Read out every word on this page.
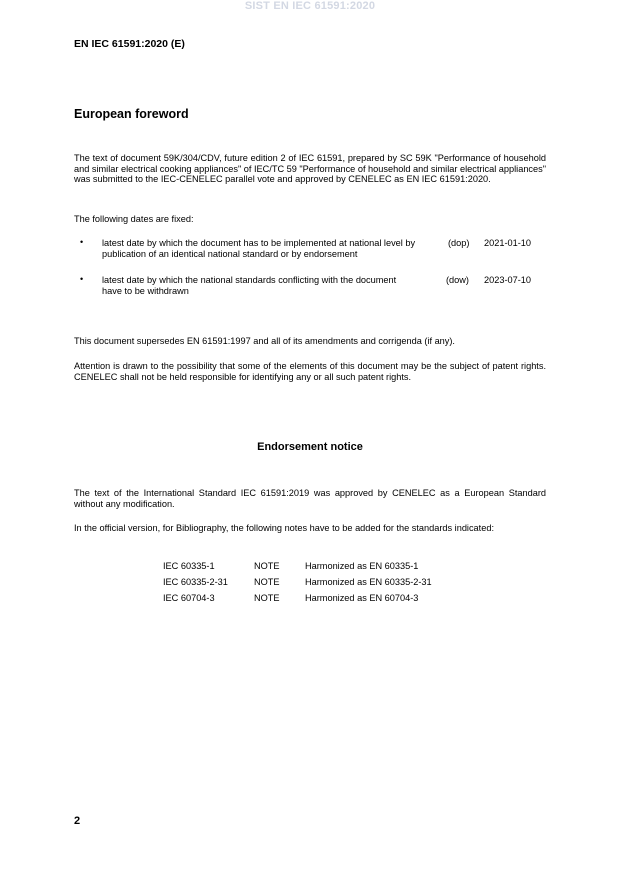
SIST EN IEC 61591:2020
EN IEC 61591:2020 (E)
European foreword
The text of document 59K/304/CDV, future edition 2 of IEC 61591, prepared by SC 59K "Performance of household and similar electrical cooking appliances" of IEC/TC 59 "Performance of household and similar electrical appliances" was submitted to the IEC-CENELEC parallel vote and approved by CENELEC as EN IEC 61591:2020.
The following dates are fixed:
• latest date by which the document has to be implemented at national level by publication of an identical national standard or by endorsement
(dop) 2021-01-10
• latest date by which the national standards conflicting with the document have to be withdrawn
(dow) 2023-07-10
This document supersedes EN 61591:1997 and all of its amendments and corrigenda (if any).
Attention is drawn to the possibility that some of the elements of this document may be the subject of patent rights. CENELEC shall not be held responsible for identifying any or all such patent rights.
Endorsement notice
The text of the International Standard IEC 61591:2019 was approved by CENELEC as a European Standard without any modification.
In the official version, for Bibliography, the following notes have to be added for the standards indicated:
IEC 60335-1	NOTE	Harmonized as EN 60335-1
IEC 60335-2-31	NOTE	Harmonized as EN 60335-2-31
IEC 60704-3	NOTE	Harmonized as EN 60704-3
2
